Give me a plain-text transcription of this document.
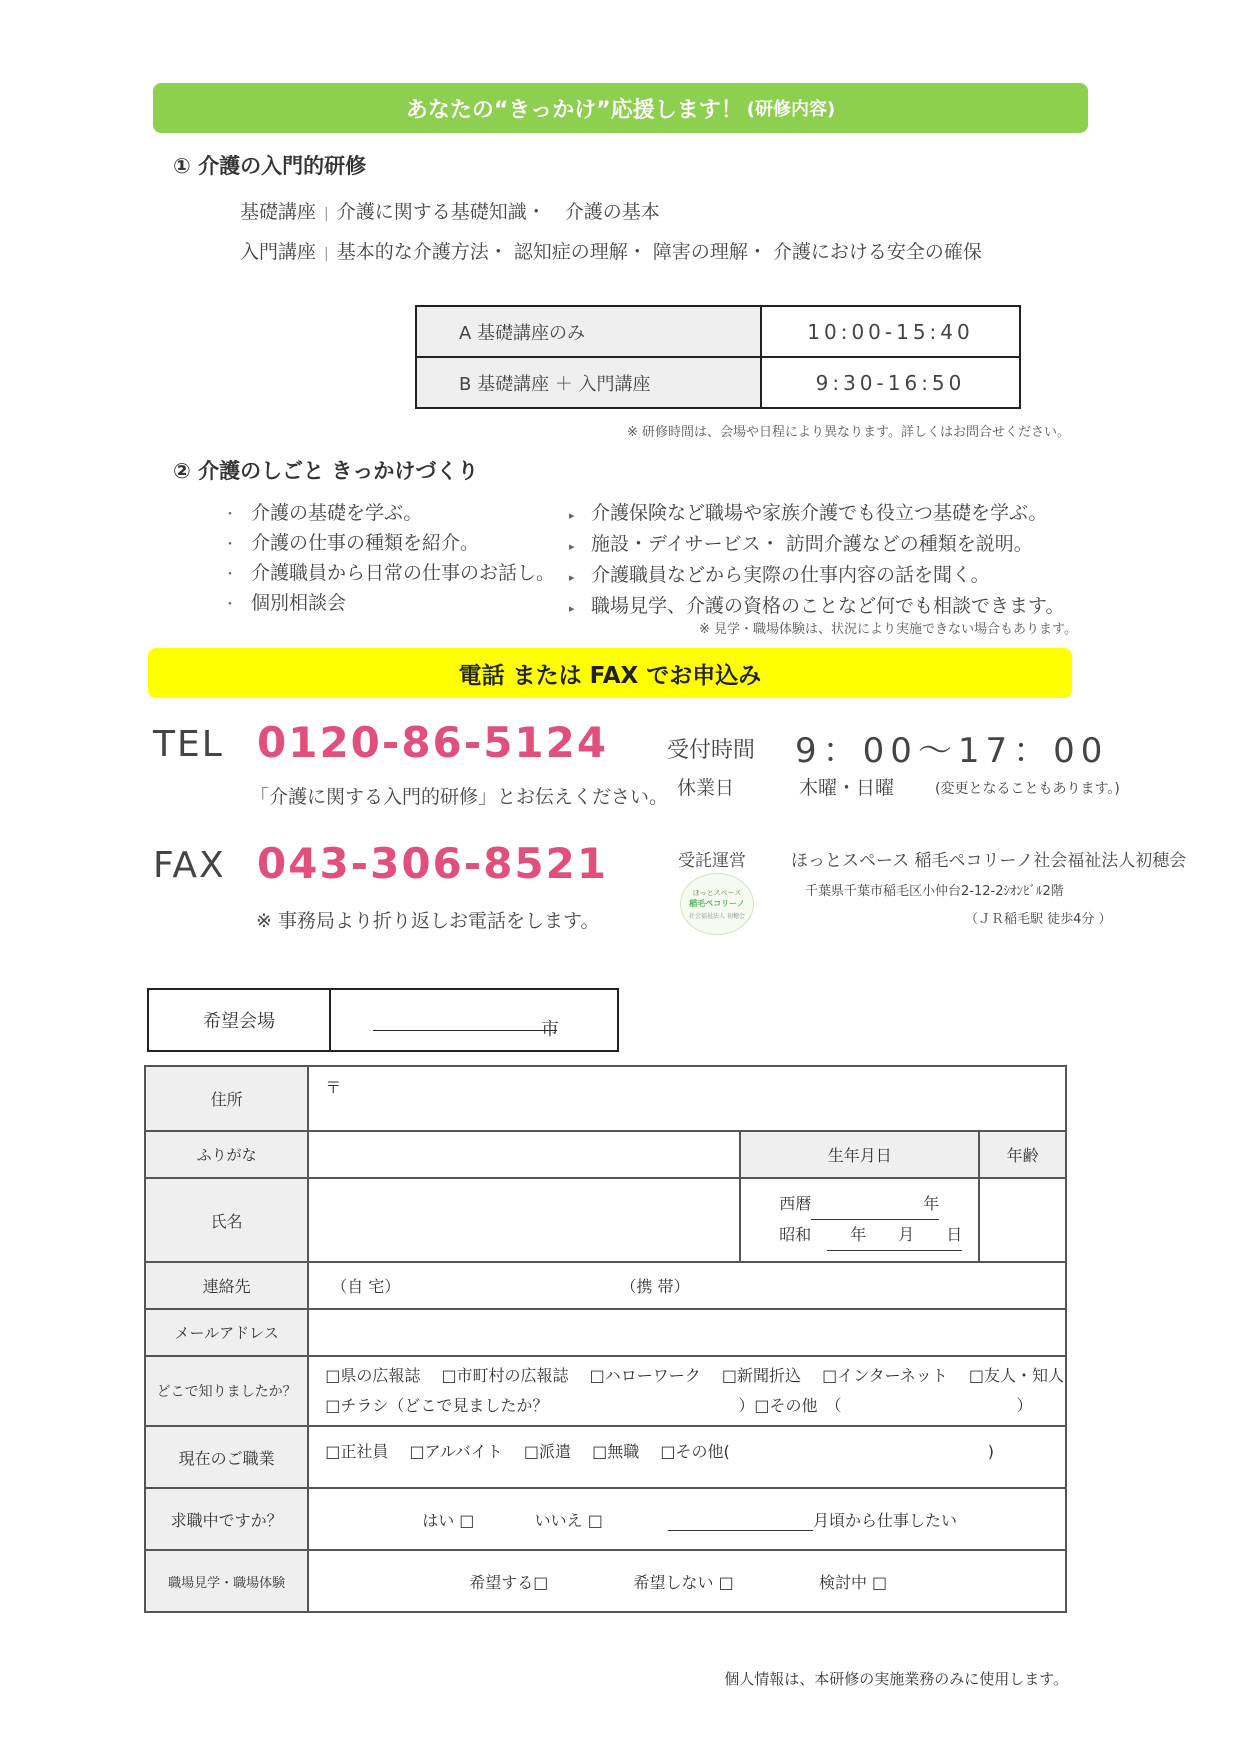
あなたの“きっかけ”応援します！ (研修内容)
① 介護の入門的研修
基礎講座 | 介護に関する基礎知識・　介護の基本
入門講座 | 基本的な介護方法・ 認知症の理解・ 障害の理解・ 介護における安全の確保
A 基礎講座のみ	10:00-15:40
B 基礎講座 ＋ 入門講座	9:30-16:50
※ 研修時間は、会場や日程により異なります。詳しくはお問合せください。
② 介護のしごと きっかけづくり
・ 介護の基礎を学ぶ。
・ 介護の仕事の種類を紹介。
・ 介護職員から日常の仕事のお話し。
・ 個別相談会
▸ 介護保険など職場や家族介護でも役立つ基礎を学ぶ。
▸ 施設・デイサービス・ 訪問介護などの種類を説明。
▸ 介護職員などから実際の仕事内容の話を聞く。
▸ 職場見学、介護の資格のことなど何でも相談できます。
※ 見学・職場体験は、状況により実施できない場合もあります。
電話 または FAX でお申込み
TEL 0120-86-5124
「介護に関する入門的研修」とお伝えください。
受付時間 9：00～17：00
休業日	木曜・日曜	(変更となることもあります。)
FAX 043-306-8521
※ 事務局より折り返しお電話をします。
受託運営	ほっとスペース 稲毛ペコリーノ社会福祉法人初穂会
千葉県千葉市稲毛区小仲台2-12-2ｼｵﾝﾋﾞﾙ2階
（ＪＲ稲毛駅 徒歩4分 ）
ほっとスペース
稲毛ペコリーノ
社会福祉法人 初穂会
希望会場	市
住所	〒		
ふりがな		生年月日	年齢
氏名		西暦 年
昭和　 年　　月　　日	

連絡先	（自 宅） （携 帯）		
メールアドレス			
どこで知りましたか？	□県の広報誌　 □市町村の広報誌　 □ハローワーク　 □新聞折込　 □インターネット　 □友人・知人
□チラシ（どこで見ましたか？ ）□その他　（ ）		

現在のご職業	□正社員　 □アルバイト　 □派遣　 □無職　 □その他( )		
求職中ですか？	はい □ いいえ □ 月頃から仕事したい		
職場見学・職場体験	希望する□ 希望しない □ 検討中 □		
個人情報は、本研修の実施業務のみに使用します。
